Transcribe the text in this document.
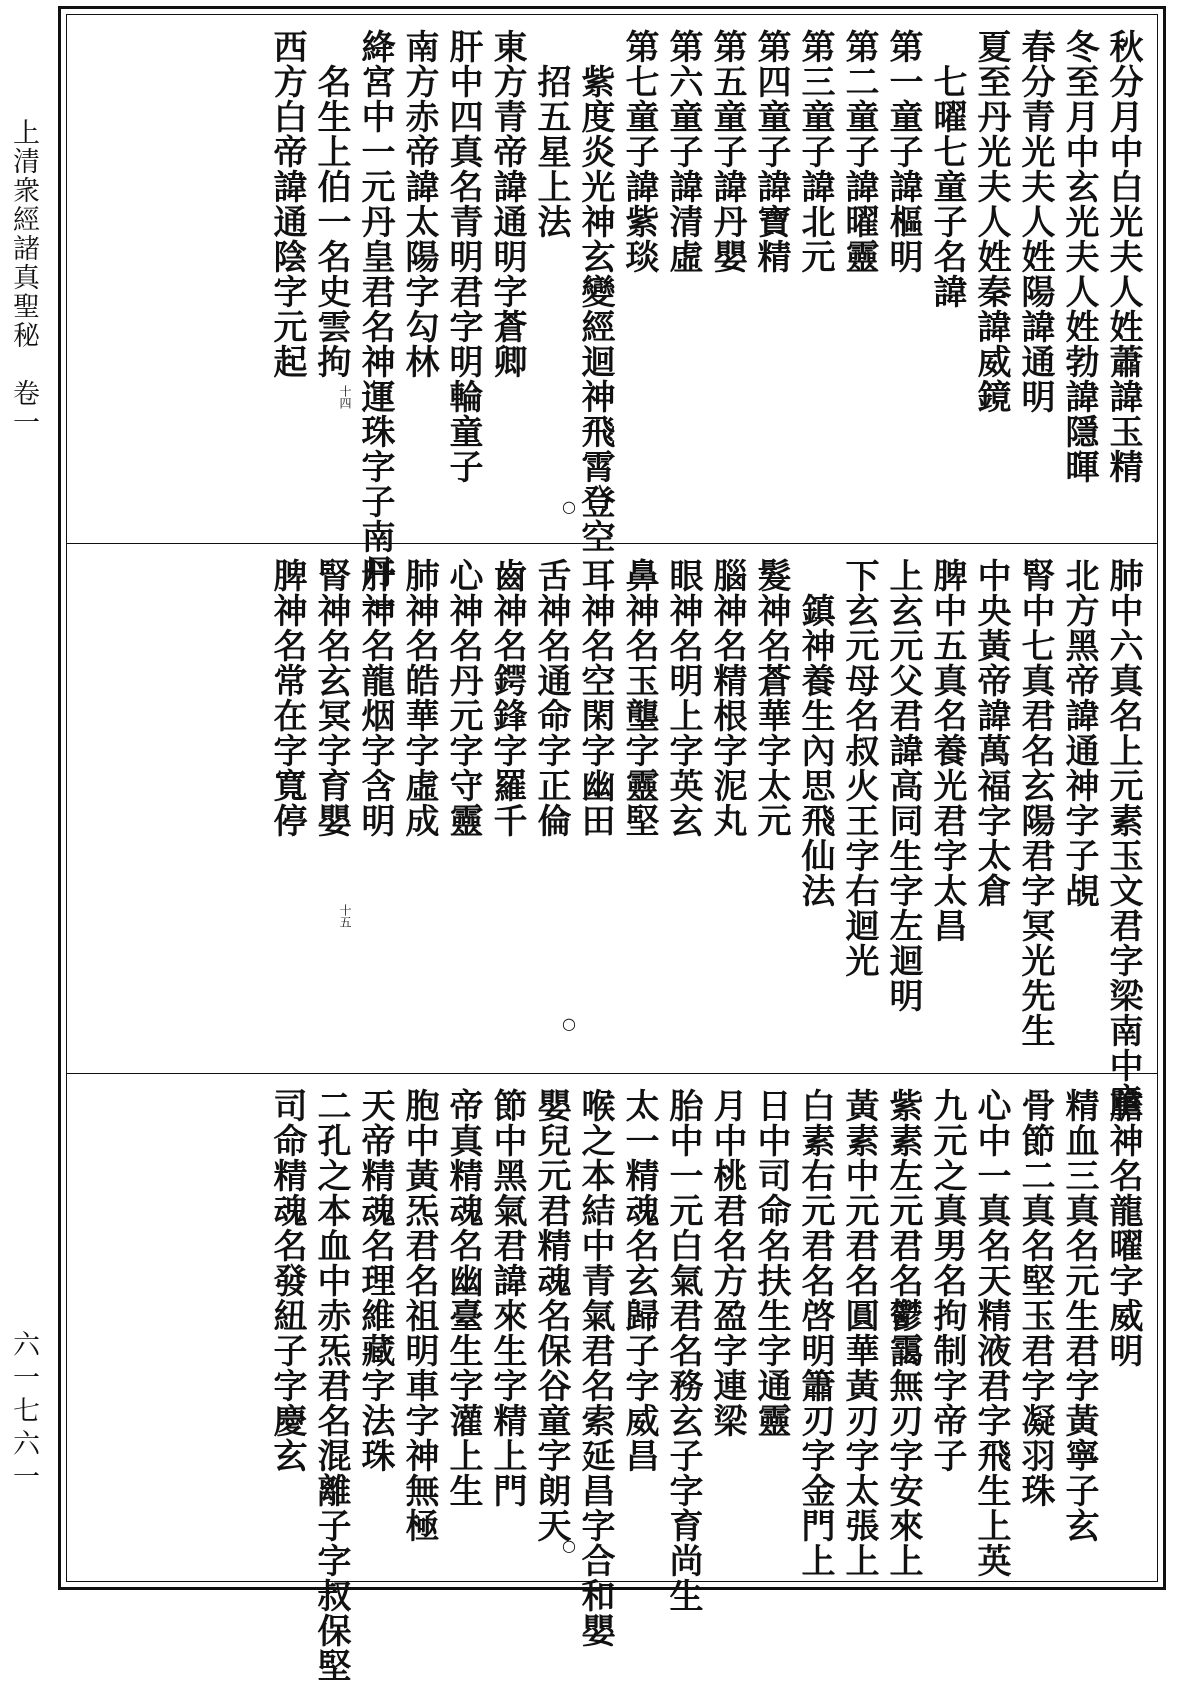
上清衆經諸真聖秘　卷一
六一七六一
秋分月中白光夫人姓蕭諱玉精
冬至月中玄光夫人姓勃諱隱暉
春分青光夫人姓陽諱通明
夏至丹光夫人姓秦諱威鏡
　七曜七童子名諱
第一童子諱樞明
第二童子諱曜靈
第三童子諱北元
第四童子諱寶精
第五童子諱丹嬰
第六童子諱清虛
第七童子諱紫琰
　紫度炎光神玄變經迴神飛霄登空
　招五星上法
東方青帝諱通明字蒼卿
肝中四真名青明君字明輪童子
南方赤帝諱太陽字勾林
絳宮中一元丹皇君名神運珠字子南丹一
　名生上伯一名史雲拘
西方白帝諱通陰字元起
十四
○
肺中六真名上元素玉文君字梁南中童
北方黑帝諱通神字子覘
腎中七真君名玄陽君字冥光先生
中央黃帝諱萬福字太倉
脾中五真名養光君字太昌
上玄元父君諱高同生字左迴明
下玄元母名叔火王字右迴光
　鎮神養生內思飛仙法
髮神名蒼華字太元
腦神名精根字泥丸
眼神名明上字英玄
鼻神名玉壟字靈堅
耳神名空閑字幽田
舌神名通命字正倫
齒神名鍔鋒字羅千
心神名丹元字守靈
肺神名皓華字虛成
肝神名龍烟字含明
腎神名玄冥字育嬰
脾神名常在字寬停
十五
○
膽神名龍曜字威明
精血三真名元生君字黃寧子玄
骨節二真名堅玉君字凝羽珠
心中一真名天精液君字飛生上英
九元之真男名拘制字帝子
紫素左元君名鬱靄無刃字安來上
黃素中元君名圓華黃刃字太張上
白素右元君名啓明簫刃字金門上
日中司命名扶生字通靈
月中桃君名方盈字連梁
胎中一元白氣君名務玄子字育尚生
太一精魂名玄歸子字威昌
喉之本結中青氣君名索延昌字合和嬰
嬰兒元君精魂名保谷童字朗天
節中黑氣君諱來生字精上門
帝真精魂名幽臺生字灌上生
胞中黃炁君名祖明車字神無極
天帝精魂名理維藏字法珠
二孔之本血中赤炁君名混離子字叔保堅
司命精魂名發紐子字慶玄
○
